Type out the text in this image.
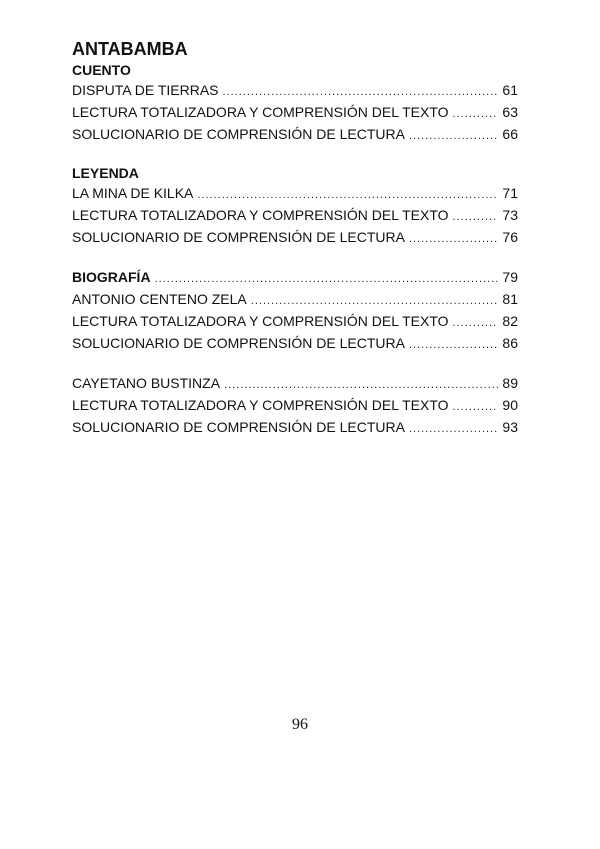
ANTABAMBA
CUENTO
DISPUTA DE TIERRAS .....	61
LECTURA TOTALIZADORA Y COMPRENSIÓN DEL TEXTO .....	63
SOLUCIONARIO DE COMPRENSIÓN DE LECTURA .....	66
LEYENDA
LA MINA DE KILKA .....	71
LECTURA TOTALIZADORA Y COMPRENSIÓN DEL TEXTO .....	73
SOLUCIONARIO DE COMPRENSIÓN DE LECTURA .....	76
BIOGRAFÍA .....	79
ANTONIO CENTENO ZELA .....	81
LECTURA TOTALIZADORA Y COMPRENSIÓN DEL TEXTO .....	82
SOLUCIONARIO DE COMPRENSIÓN DE LECTURA .....	86
CAYETANO BUSTINZA .....	89
LECTURA TOTALIZADORA Y COMPRENSIÓN DEL TEXTO .....	90
SOLUCIONARIO DE COMPRENSIÓN DE LECTURA .....	93
96
